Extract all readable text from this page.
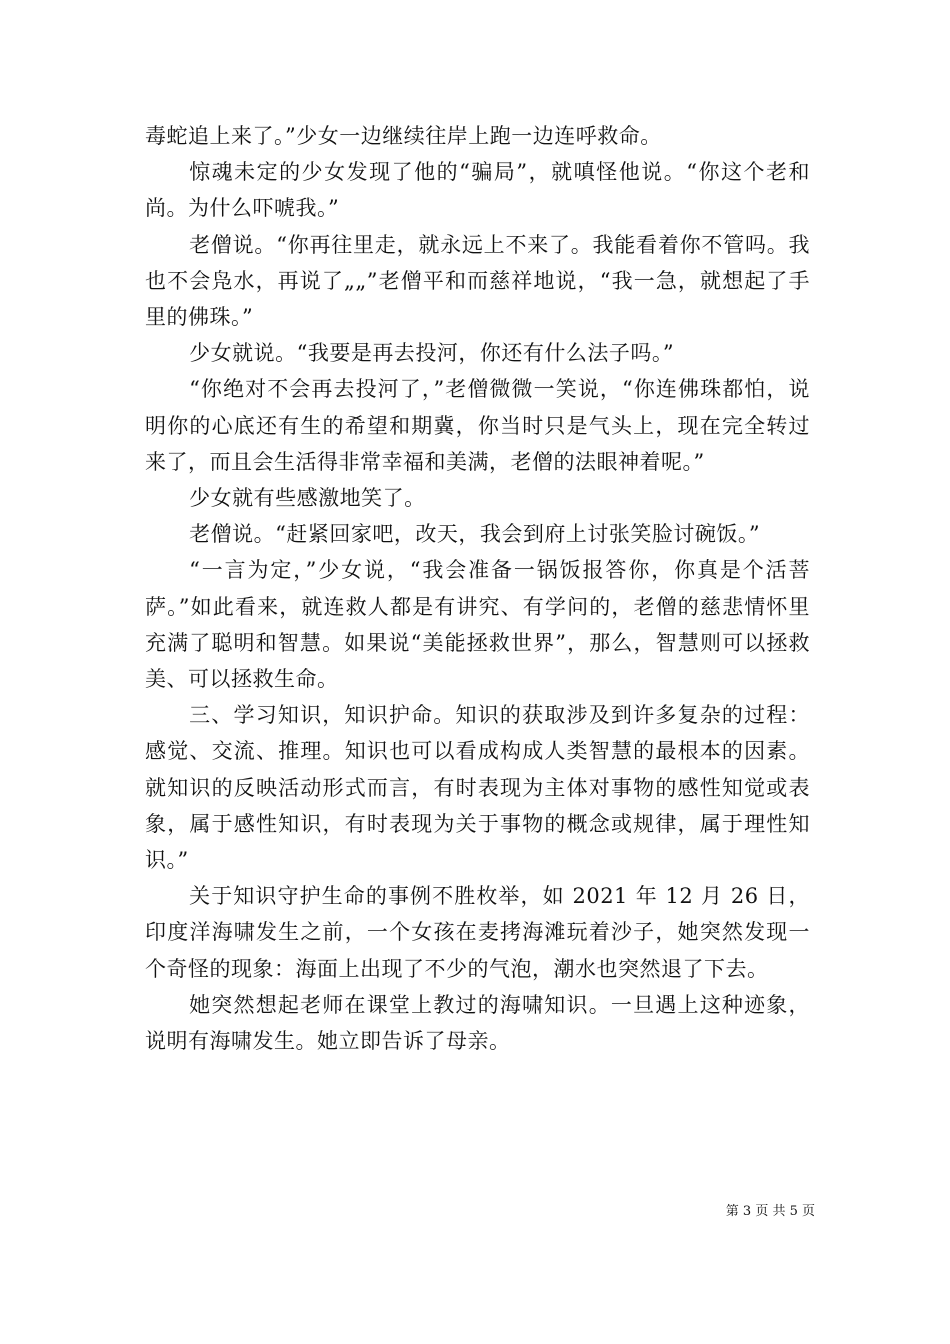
毒蛇追上来了。”少女一边继续往岸上跑一边连呼救命。

惊魂未定的少女发现了他的“骗局”，就嗔怪他说。“你这个老和尚。为什么吓唬我。”

老僧说。“你再往里走，就永远上不来了。我能看着你不管吗。我也不会凫水，再说了„„”老僧平和而慈祥地说，“我一急，就想起了手里的佛珠。”

少女就说。“我要是再去投河，你还有什么法子吗。”

“你绝对不会再去投河了，”老僧微微一笑说，“你连佛珠都怕，说明你的心底还有生的希望和期冀，你当时只是气头上，现在完全转过来了，而且会生活得非常幸福和美满，老僧的法眼神着呢。”

少女就有些感激地笑了。

老僧说。“赶紧回家吧，改天，我会到府上讨张笑脸讨碗饭。”

“一言为定，”少女说，“我会准备一锅饭报答你，你真是个活菩萨。”如此看来，就连救人都是有讲究、有学问的，老僧的慈悲情怀里充满了聪明和智慧。如果说“美能拯救世界”，那么，智慧则可以拯救美、可以拯救生命。

三、学习知识，知识护命。知识的获取涉及到许多复杂的过程：感觉、交流、推理。知识也可以看成构成人类智慧的最根本的因素。就知识的反映活动形式而言，有时表现为主体对事物的感性知觉或表象，属于感性知识，有时表现为关于事物的概念或规律，属于理性知识。”

关于知识守护生命的事例不胜枚举，如 2021 年 12 月 26 日，印度洋海啸发生之前，一个女孩在麦拷海滩玩着沙子，她突然发现一个奇怪的现象：海面上出现了不少的气泡，潮水也突然退了下去。

她突然想起老师在课堂上教过的海啸知识。一旦遇上这种迹象，说明有海啸发生。她立即告诉了母亲。

第 3 页 共 5 页
